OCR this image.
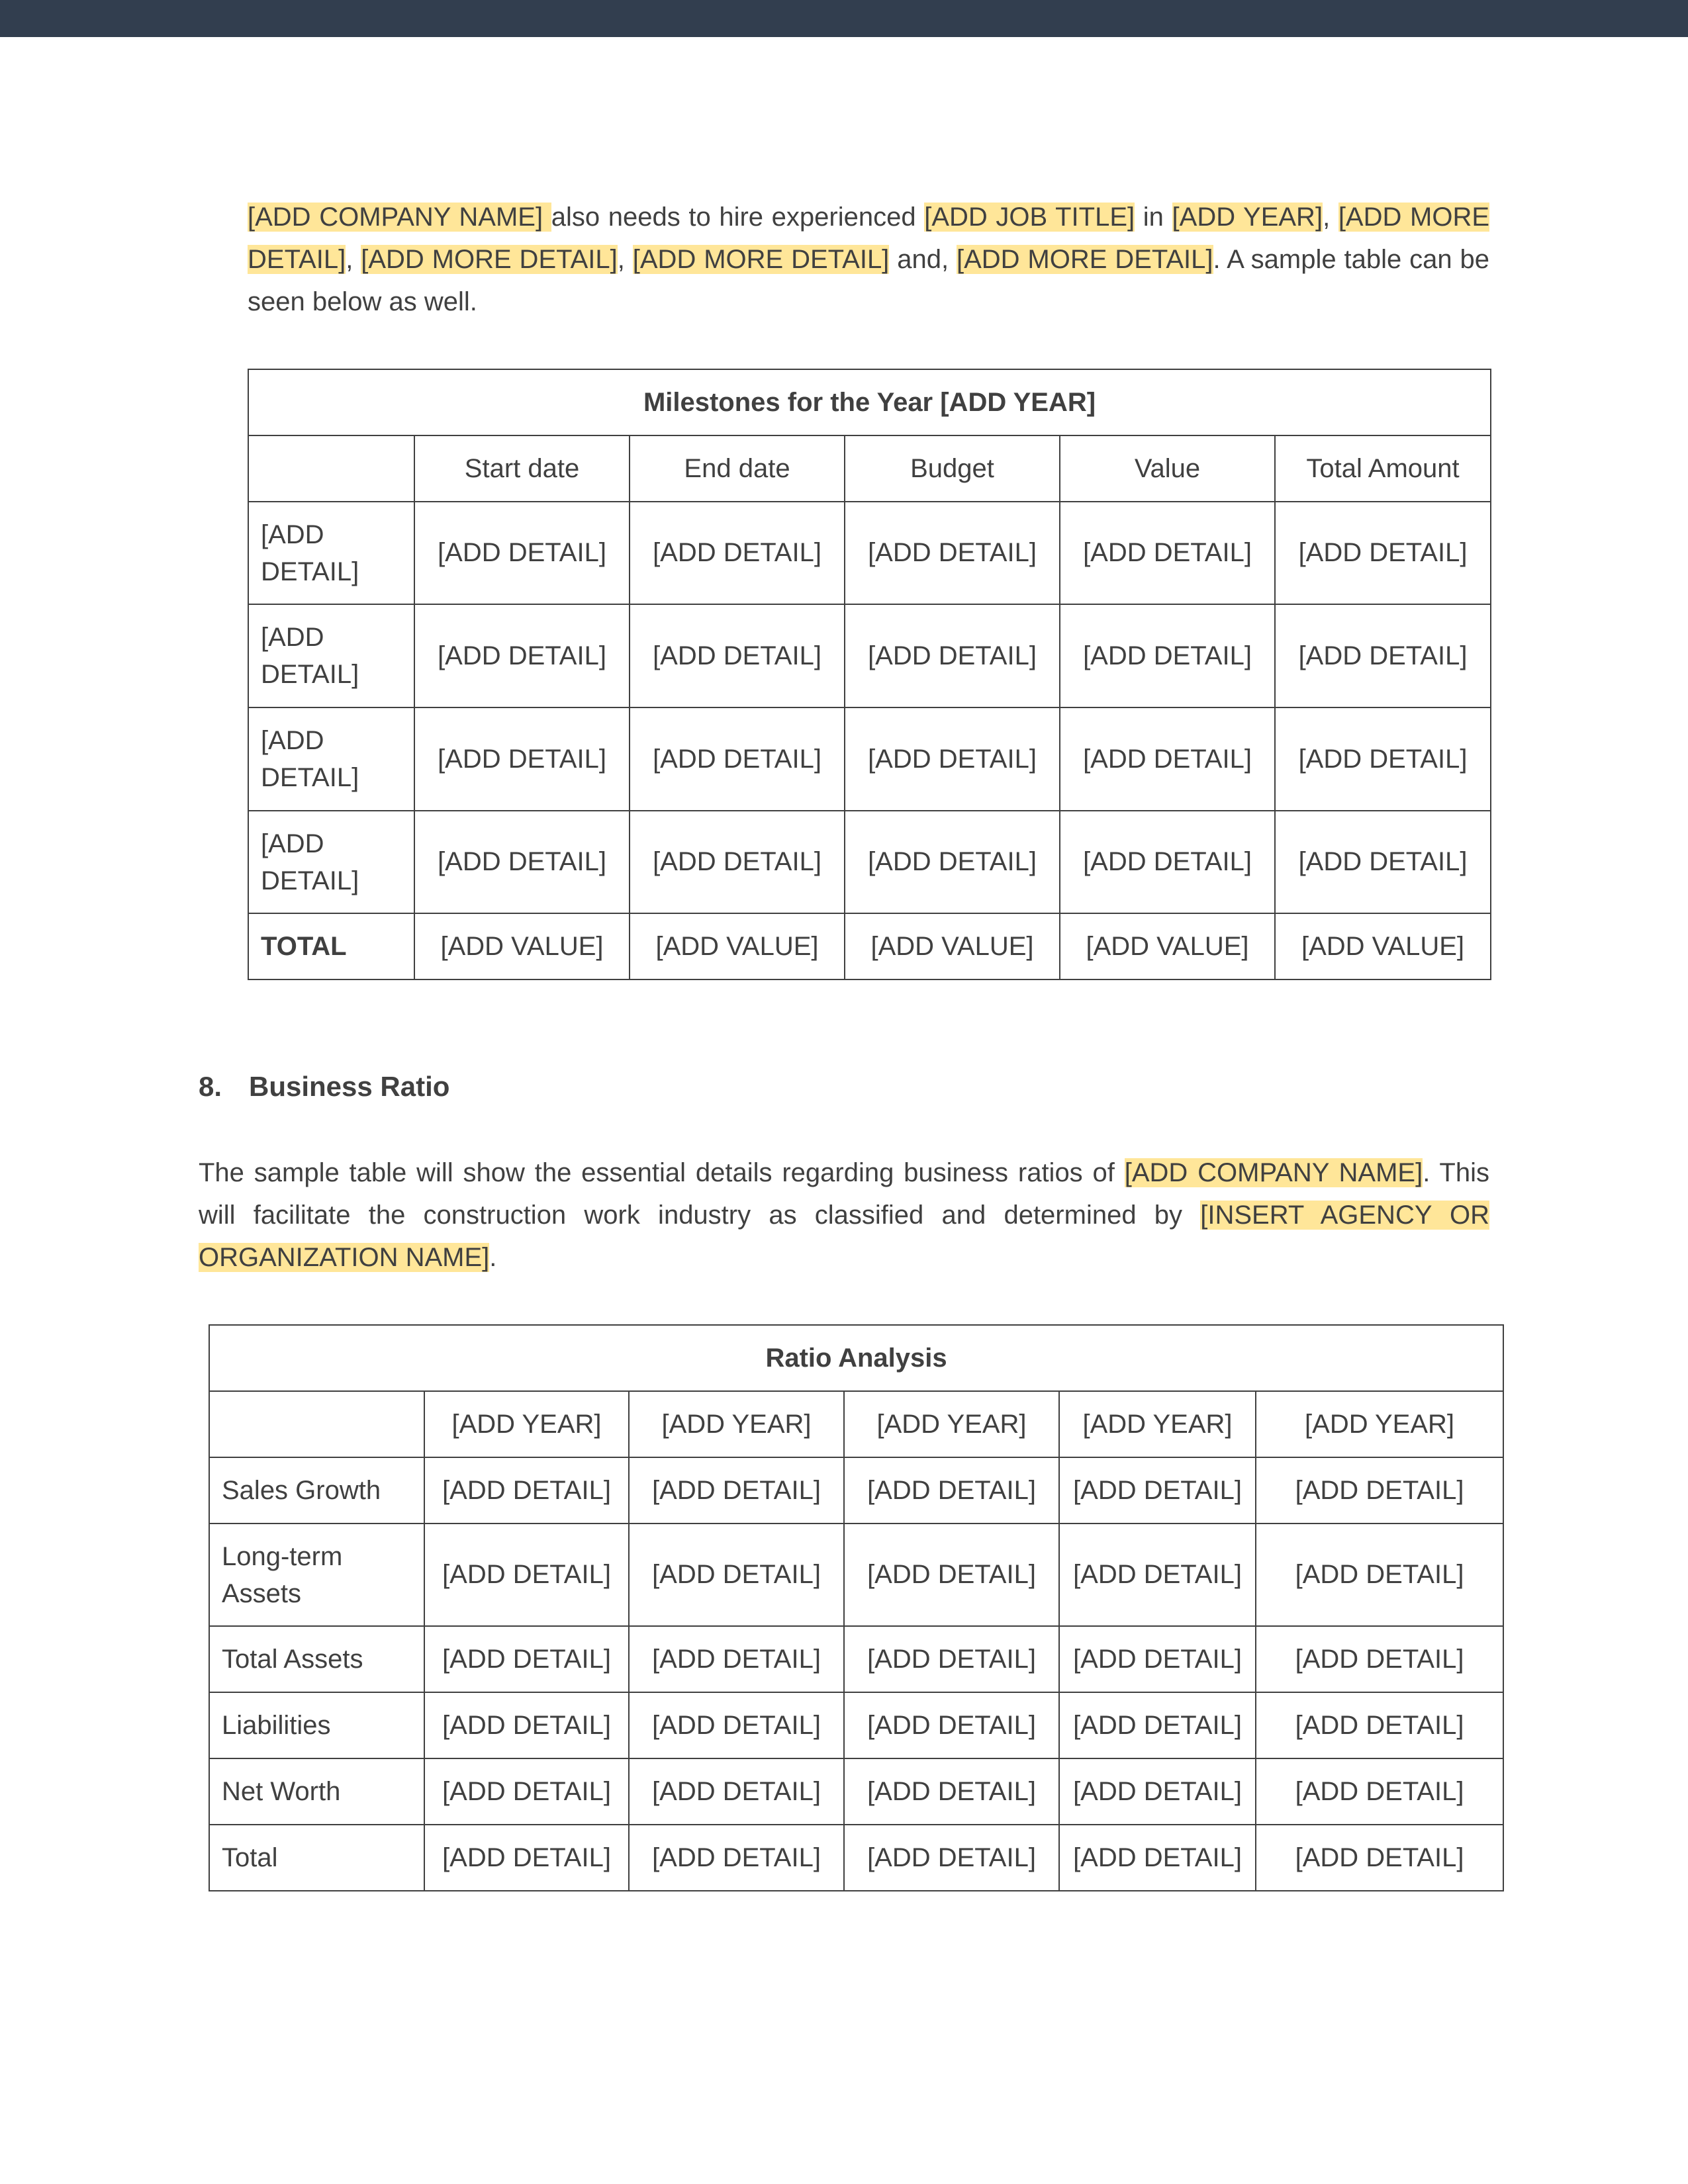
[ADD COMPANY NAME] also needs to hire experienced [ADD JOB TITLE] in [ADD YEAR], [ADD MORE DETAIL], [ADD MORE DETAIL], [ADD MORE DETAIL] and, [ADD MORE DETAIL]. A sample table can be seen below as well.

Milestones for the Year [ADD YEAR]					
	Start date	End date	Budget	Value	Total Amount
[ADD DETAIL]	[ADD DETAIL]	[ADD DETAIL]	[ADD DETAIL]	[ADD DETAIL]	[ADD DETAIL]
[ADD DETAIL]	[ADD DETAIL]	[ADD DETAIL]	[ADD DETAIL]	[ADD DETAIL]	[ADD DETAIL]
[ADD DETAIL]	[ADD DETAIL]	[ADD DETAIL]	[ADD DETAIL]	[ADD DETAIL]	[ADD DETAIL]
[ADD DETAIL]	[ADD DETAIL]	[ADD DETAIL]	[ADD DETAIL]	[ADD DETAIL]	[ADD DETAIL]
TOTAL	[ADD VALUE]	[ADD VALUE]	[ADD VALUE]	[ADD VALUE]	[ADD VALUE]
8. Business Ratio

The sample table will show the essential details regarding business ratios of [ADD COMPANY NAME]. This will facilitate the construction work industry as classified and determined by [INSERT AGENCY OR ORGANIZATION NAME].

Ratio Analysis					
	[ADD YEAR]	[ADD YEAR]	[ADD YEAR]	[ADD YEAR]	[ADD YEAR]
Sales Growth	[ADD DETAIL]	[ADD DETAIL]	[ADD DETAIL]	[ADD DETAIL]	[ADD DETAIL]
Long-term Assets	[ADD DETAIL]	[ADD DETAIL]	[ADD DETAIL]	[ADD DETAIL]	[ADD DETAIL]
Total Assets	[ADD DETAIL]	[ADD DETAIL]	[ADD DETAIL]	[ADD DETAIL]	[ADD DETAIL]
Liabilities	[ADD DETAIL]	[ADD DETAIL]	[ADD DETAIL]	[ADD DETAIL]	[ADD DETAIL]
Net Worth	[ADD DETAIL]	[ADD DETAIL]	[ADD DETAIL]	[ADD DETAIL]	[ADD DETAIL]
Total	[ADD DETAIL]	[ADD DETAIL]	[ADD DETAIL]	[ADD DETAIL]	[ADD DETAIL]
